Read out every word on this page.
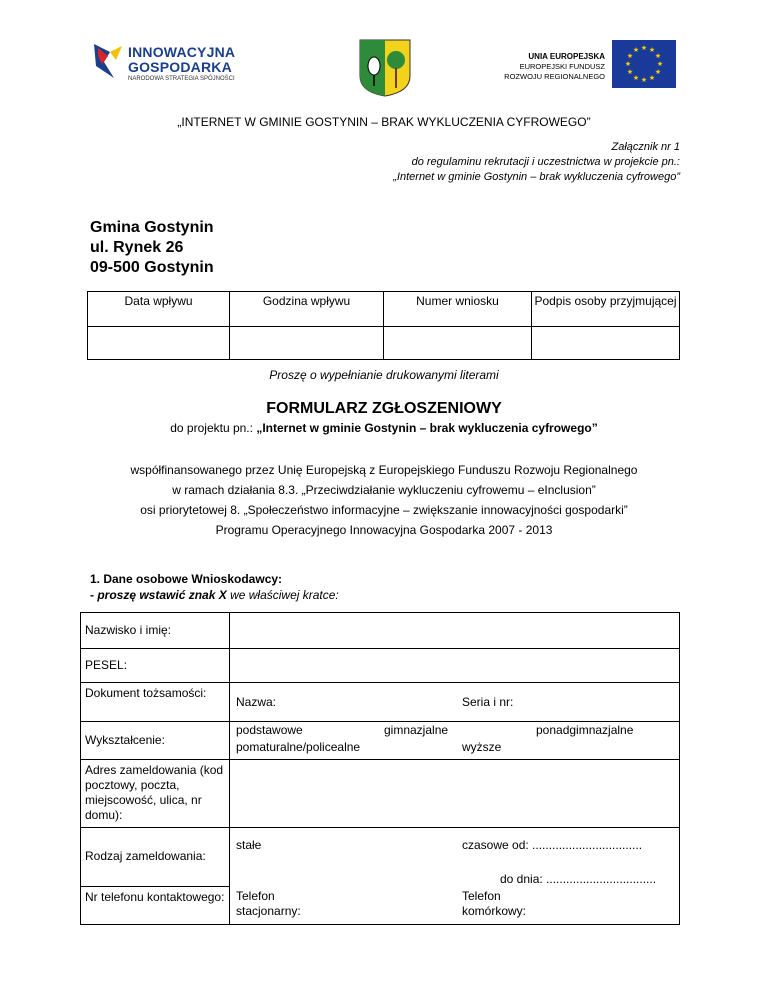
INNOWACYJNA
GOSPODARKA
NARODOWA STRATEGIA SPÓJNOŚCI
UNIA EUROPEJSKA
EUROPEJSKI FUNDUSZ
ROZWOJU REGIONALNEGO
★ ★
★
★
★
★
★
★
★
★
★
★
„INTERNET W GMINIE GOSTYNIN – BRAK WYKLUCZENIA CYFROWEGO”
Załącznik nr 1
do regulaminu rekrutacji i uczestnictwa w projekcie pn.:
„Internet w gminie Gostynin – brak wykluczenia cyfrowego”
Gmina Gostynin
ul. Rynek 26
09-500 Gostynin
Data wpływu	Godzina wpływu	Numer wniosku	Podpis osoby przyjmującej

Proszę o wypełnianie drukowanymi literami
FORMULARZ ZGŁOSZENIOWY
do projektu pn.: „Internet w gminie Gostynin – brak wykluczenia cyfrowego”
współfinansowanego przez Unię Europejską z Europejskiego Funduszu Rozwoju Regionalnego
w ramach działania 8.3. „Przeciwdziałanie wykluczeniu cyfrowemu – eInclusion”
osi priorytetowej 8. „Społeczeństwo informacyjne – zwiększanie innowacyjności gospodarki”
Programu Operacyjnego Innowacyjna Gospodarka 2007 - 2013
1. Dane osobowe Wnioskodawcy:
- proszę wstawić znak X we właściwej kratce:
Nazwisko i imię:	
PESEL:	
Dokument tożsamości:	Nazwa: Seria i nr:

Wykształcenie:	podstawowe gimnazjalne ponadgimnazjalne
pomaturalne/policealne wyższe

Adres zameldowania (kod pocztowy, poczta, miejscowość, ulica, nr domu):	
Rodzaj zameldowania:	stałe czasowe od: .................................
do dnia: .................................

Nr telefonu kontaktowego:	Telefon stacjonarny:
Telefon komórkowy:
